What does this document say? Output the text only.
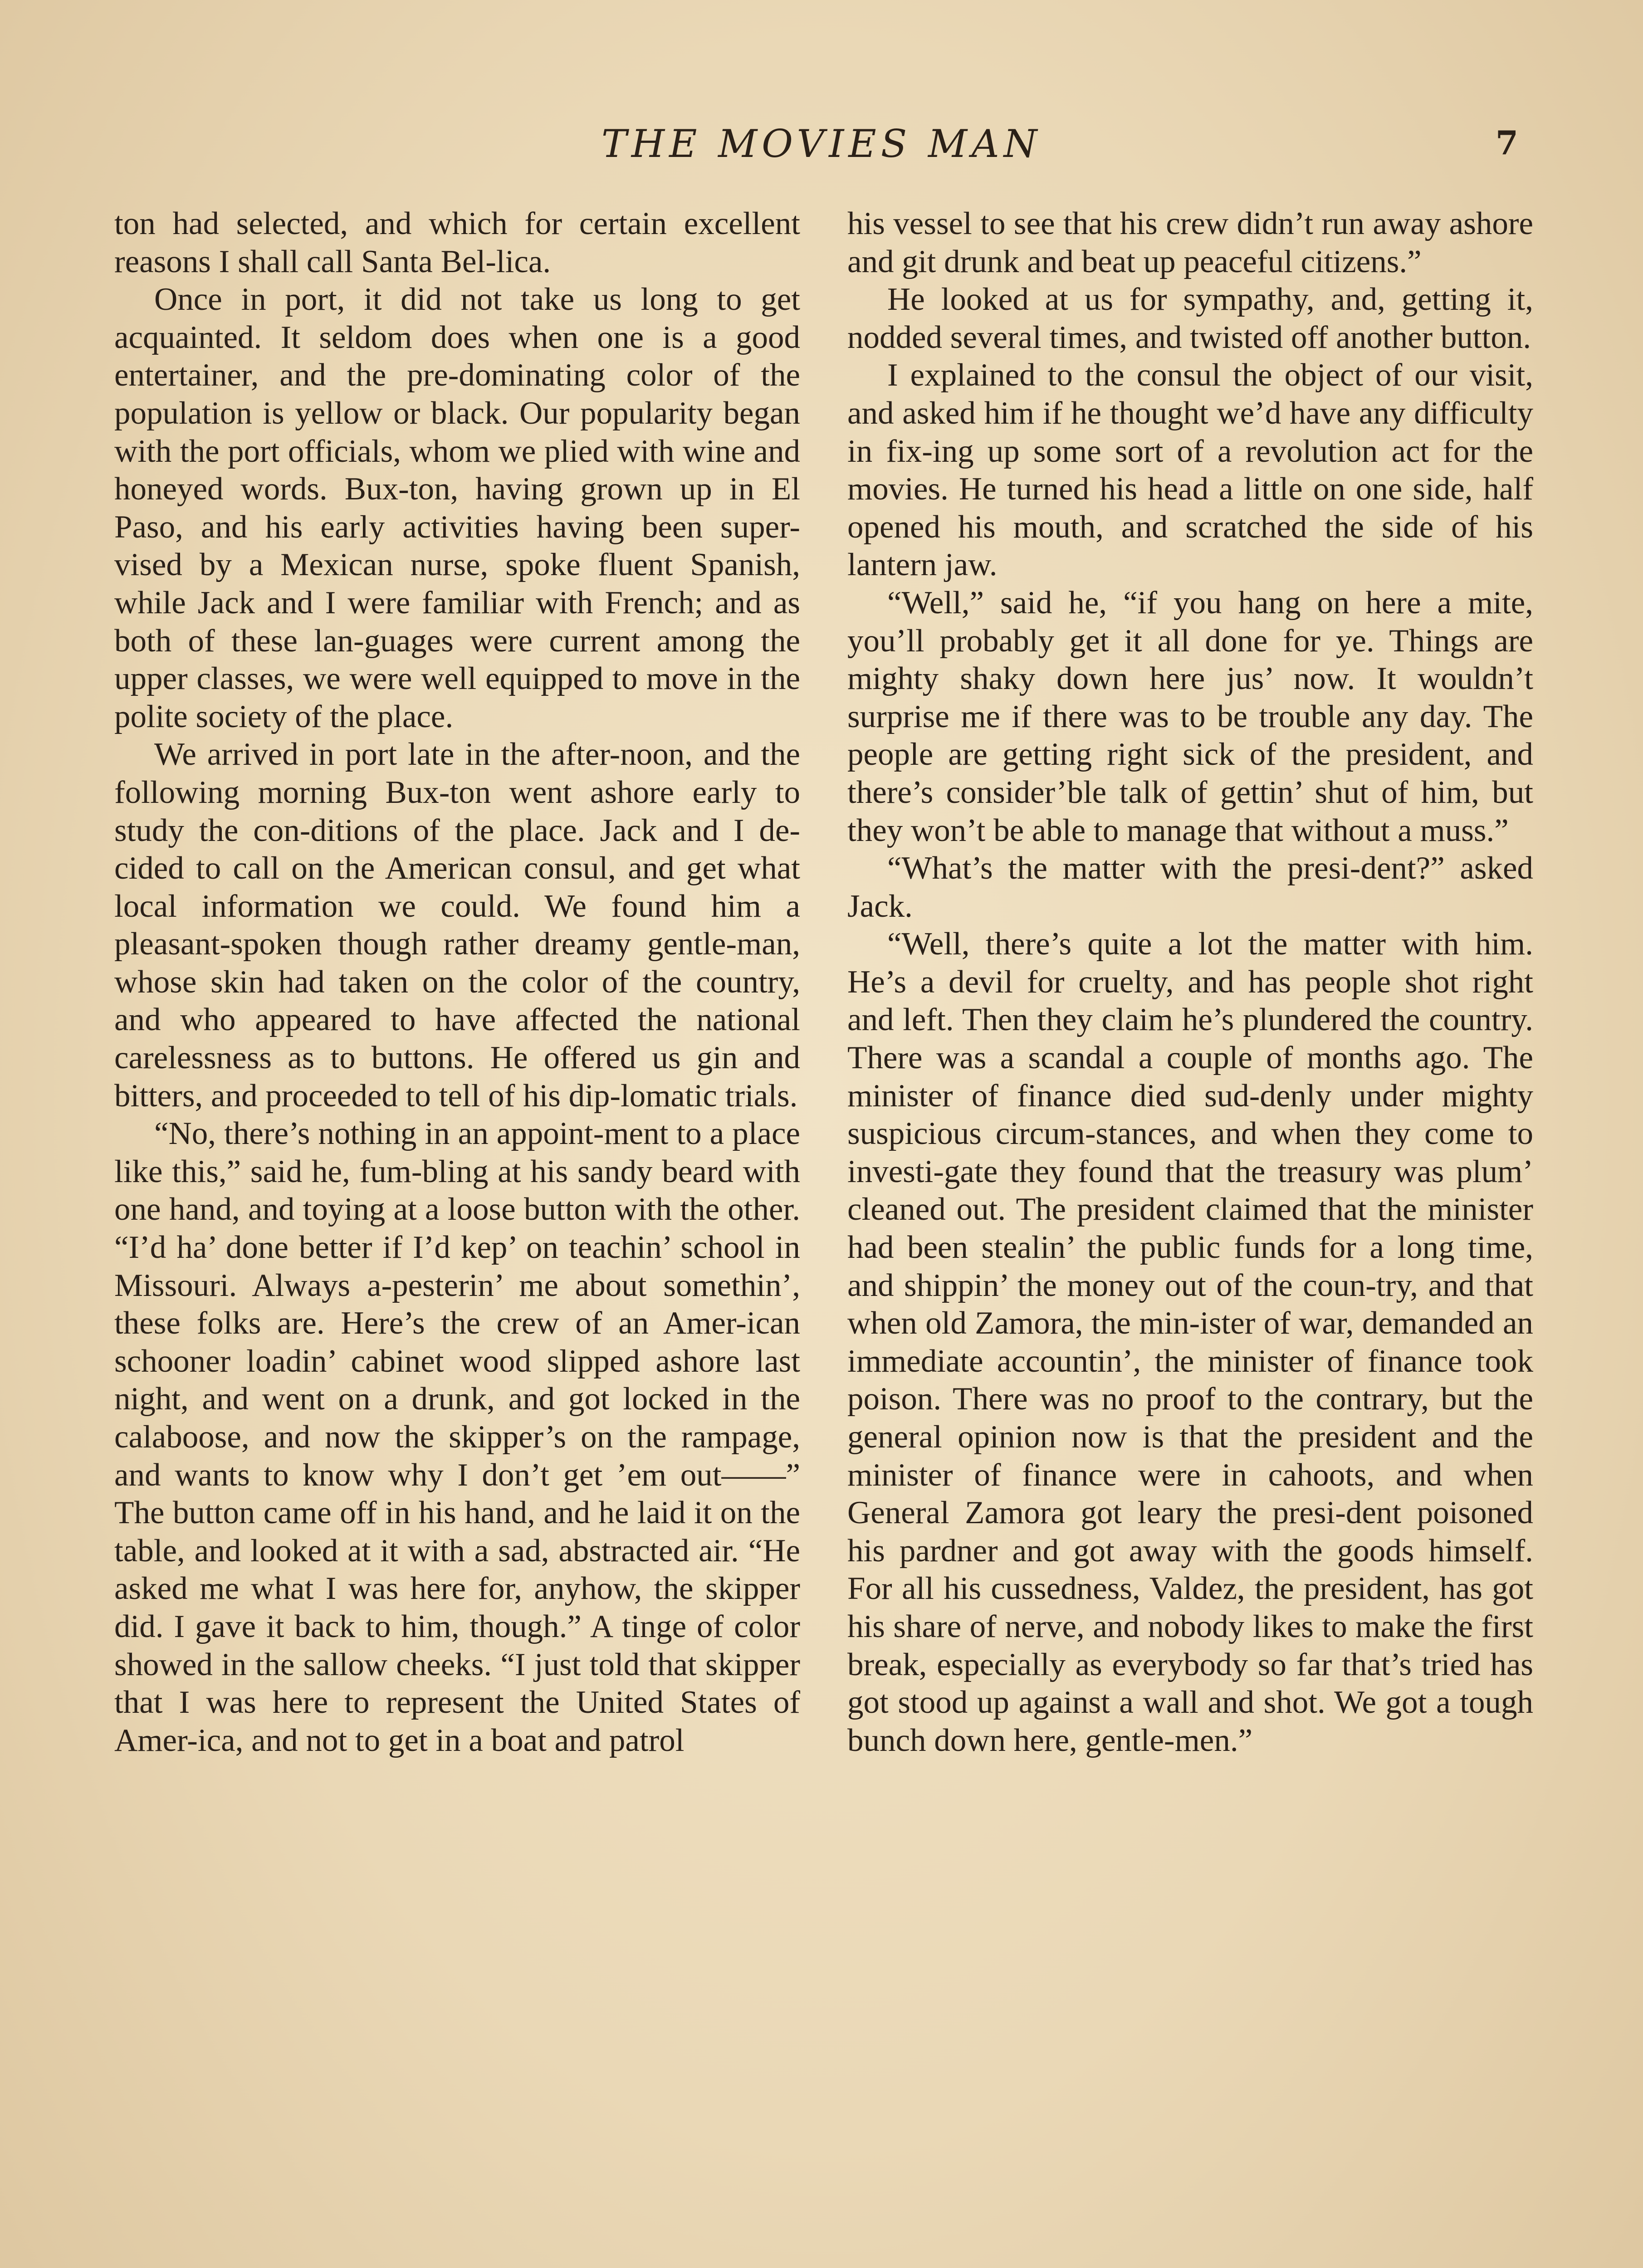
THE MOVIES MAN	7

ton had selected, and which for certain excellent reasons I shall call Santa Bel-lica.

Once in port, it did not take us long to get acquainted. It seldom does when one is a good entertainer, and the pre-dominating color of the population is yellow or black. Our popularity began with the port officials, whom we plied with wine and honeyed words. Bux-ton, having grown up in El Paso, and his early activities having been super-vised by a Mexican nurse, spoke fluent Spanish, while Jack and I were familiar with French; and as both of these lan-guages were current among the upper classes, we were well equipped to move in the polite society of the place.

We arrived in port late in the after-noon, and the following morning Bux-ton went ashore early to study the con-ditions of the place. Jack and I de-cided to call on the American consul, and get what local information we could. We found him a pleasant-spoken though rather dreamy gentle-man, whose skin had taken on the color of the country, and who appeared to have affected the national carelessness as to buttons. He offered us gin and bitters, and proceeded to tell of his dip-lomatic trials.

“No, there’s nothing in an appoint-ment to a place like this,” said he, fum-bling at his sandy beard with one hand, and toying at a loose button with the other. “I’d ha’ done better if I’d kep’ on teachin’ school in Missouri. Always a-pesterin’ me about somethin’, these folks are. Here’s the crew of an Amer-ican schooner loadin’ cabinet wood slipped ashore last night, and went on a drunk, and got locked in the calaboose, and now the skipper’s on the rampage, and wants to know why I don’t get ’em out——” The button came off in his hand, and he laid it on the table, and looked at it with a sad, abstracted air. “He asked me what I was here for, anyhow, the skipper did. I gave it back to him, though.” A tinge of color showed in the sallow cheeks. “I just told that skipper that I was here to represent the United States of Amer-ica, and not to get in a boat and patrol

his vessel to see that his crew didn’t run away ashore and git drunk and beat up peaceful citizens.”

He looked at us for sympathy, and, getting it, nodded several times, and twisted off another button.

I explained to the consul the object of our visit, and asked him if he thought we’d have any difficulty in fix-ing up some sort of a revolution act for the movies. He turned his head a little on one side, half opened his mouth, and scratched the side of his lantern jaw.

“Well,” said he, “if you hang on here a mite, you’ll probably get it all done for ye. Things are mighty shaky down here jus’ now. It wouldn’t surprise me if there was to be trouble any day. The people are getting right sick of the president, and there’s consider’ble talk of gettin’ shut of him, but they won’t be able to manage that without a muss.”

“What’s the matter with the presi-dent?” asked Jack.

“Well, there’s quite a lot the matter with him. He’s a devil for cruelty, and has people shot right and left. Then they claim he’s plundered the country. There was a scandal a couple of months ago. The minister of finance died sud-denly under mighty suspicious circum-stances, and when they come to investi-gate they found that the treasury was plum’ cleaned out. The president claimed that the minister had been stealin’ the public funds for a long time, and shippin’ the money out of the coun-try, and that when old Zamora, the min-ister of war, demanded an immediate accountin’, the minister of finance took poison. There was no proof to the contrary, but the general opinion now is that the president and the minister of finance were in cahoots, and when General Zamora got leary the presi-dent poisoned his pardner and got away with the goods himself. For all his cussedness, Valdez, the president, has got his share of nerve, and nobody likes to make the first break, especially as everybody so far that’s tried has got stood up against a wall and shot. We got a tough bunch down here, gentle-men.”
